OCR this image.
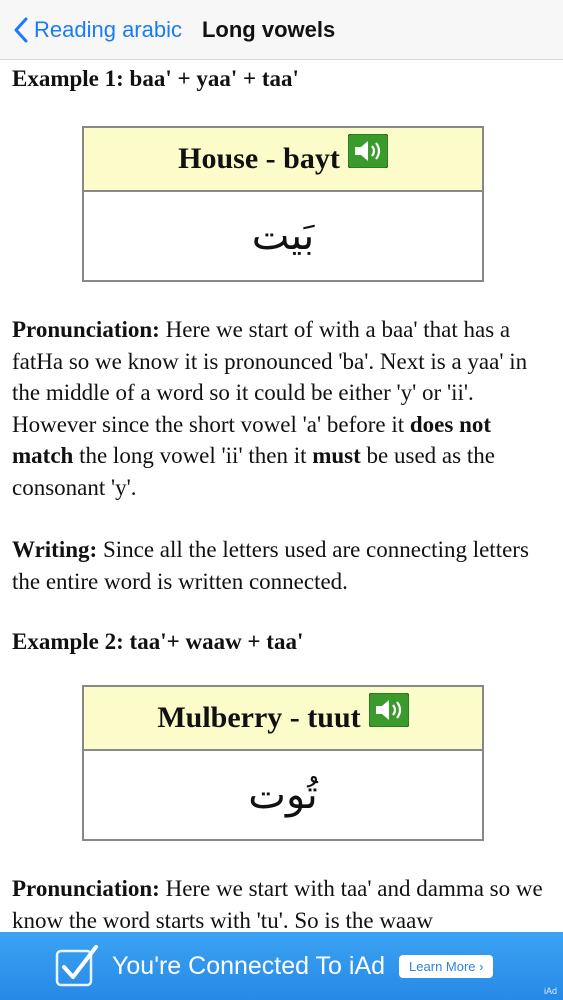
Reading arabic Long vowels

Example 1: baa' + yaa' + taa'

House - bayt
بَيت

Pronunciation: Here we start of with a baa' that has a fatHa so we know it is pronounced 'ba'. Next is a yaa' in the middle of a word so it could be either 'y' or 'ii'. However since the short vowel 'a' before it does not match the long vowel 'ii' then it must be used as the consonant 'y'.

Writing: Since all the letters used are connecting letters the entire word is written connected.

Example 2: taa'+ waaw + taa'

Mulberry - tuut
تُوت

Pronunciation: Here we start with taa' and damma so we know the word starts with 'tu'. So is the waaw

You're Connected To iAd	Learn More ›
iAd
